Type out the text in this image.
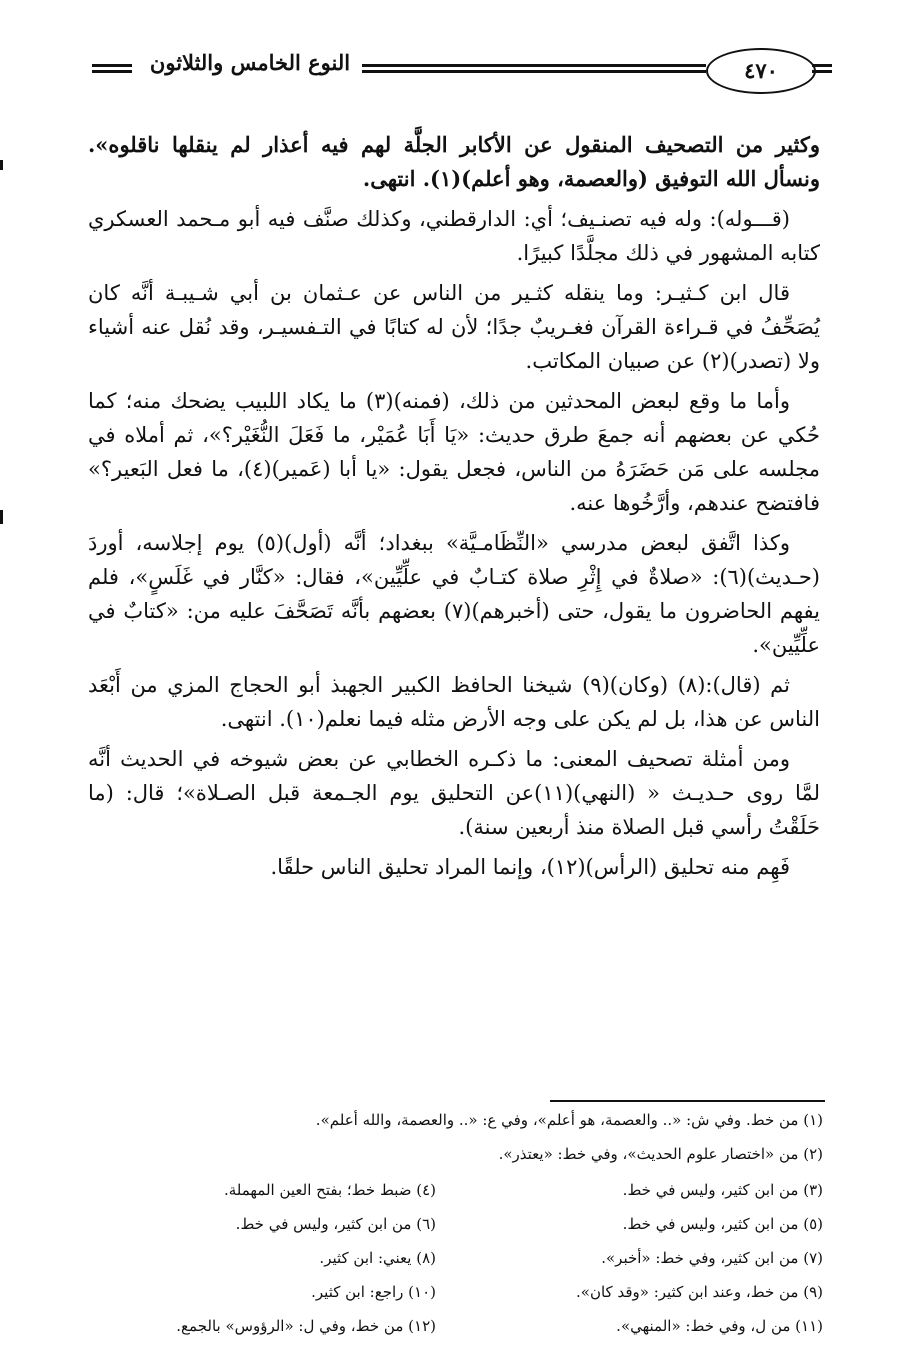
النوع الخامس والثلاثون	٤٧٠

وكثير من التصحيف المنقول عن الأكابر الجلَّة لهم فيه أعذار لم ينقلها ناقلوه». ونسأل الله التوفيق (والعصمة، وهو أعلم)(١). انتهى.

(قـــوله): وله فيه تصنـيف؛ أي: الدارقطني، وكذلك صنَّف فيه أبو مـحمد العسكري كتابه المشهور في ذلك مجلَّدًا كبيرًا.

قال ابن كـثيـر: وما ينقله كثـير من الناس عن عـثمان بن أبي شـيبـة أنَّه كان يُصَحِّفُ في قـراءة القرآن فغـريبٌ جدًا؛ لأن له كتابًا في التـفسيـر، وقد نُقل عنه أشياء ولا (تصدر)(٢) عن صبيان المكاتب.

وأما ما وقع لبعض المحدثين من ذلك، (فمنه)(٣) ما يكاد اللبيب يضحك منه؛ كما حُكي عن بعضهم أنه جمعَ طرق حديث: «يَا أَبَا عُمَيْر، ما فَعَلَ النُّغَيْر؟»، ثم أملاه في مجلسه على مَن حَضَرَهُ من الناس، فجعل يقول: «يا أبا (عَمير)(٤)، ما فعل البَعير؟» فافتضح عندهم، وأرَّخُوها عنه.

وكذا اتَّفق لبعض مدرسي «النِّظَامـيَّة» ببغداد؛ أنَّه (أول)(٥) يوم إجلاسه، أوردَ (حـديث)(٦): «صلاةٌ في إِثْرِ صلاة كتـابٌ في علِّيِّين»، فقال: «كنَّار في غَلَسٍ»، فلم يفهم الحاضرون ما يقول، حتى (أخبرهم)(٧) بعضهم بأنَّه تَصَحَّفَ عليه من: «كتابٌ في علِّيِّين».

ثم (قال):(٨) (وكان)(٩) شيخنا الحافظ الكبير الجهبذ أبو الحجاج المزي من أَبْعَد الناس عن هذا، بل لم يكن على وجه الأرض مثله فيما نعلم(١٠). انتهى.

ومن أمثلة تصحيف المعنى: ما ذكـره الخطابي عن بعض شيوخه في الحديث أنَّه لمَّا روى حـديـث « (النهي)(١١)عن التحليق يوم الجـمعة قبل الصـلاة»؛ قال: (ما حَلَقْتُ رأسي قبل الصلاة منذ أربعين سنة).

فَهِم منه تحليق (الرأس)(١٢)، وإنما المراد تحليق الناس حلقًا.

(١) من خط. وفي ش: «.. والعصمة، هو أعلم»، وفي ع: «.. والعصمة، والله أعلم».
(٢) من «اختصار علوم الحديث»، وفي خط: «يعتذر».
(٣) من ابن كثير، وليس في خط.
(٤) ضبط خط؛ بفتح العين المهملة.
(٥) من ابن كثير، وليس في خط.
(٦) من ابن كثير، وليس في خط.
(٧) من ابن كثير، وفي خط: «أخبر».
(٨) يعني: ابن كثير.
(٩) من خط، وعند ابن كثير: «وقد كان».
(١٠) راجع: ابن كثير.
(١١) من ل، وفي خط: «المنهي».
(١٢) من خط، وفي ل: «الرؤوس» بالجمع.
